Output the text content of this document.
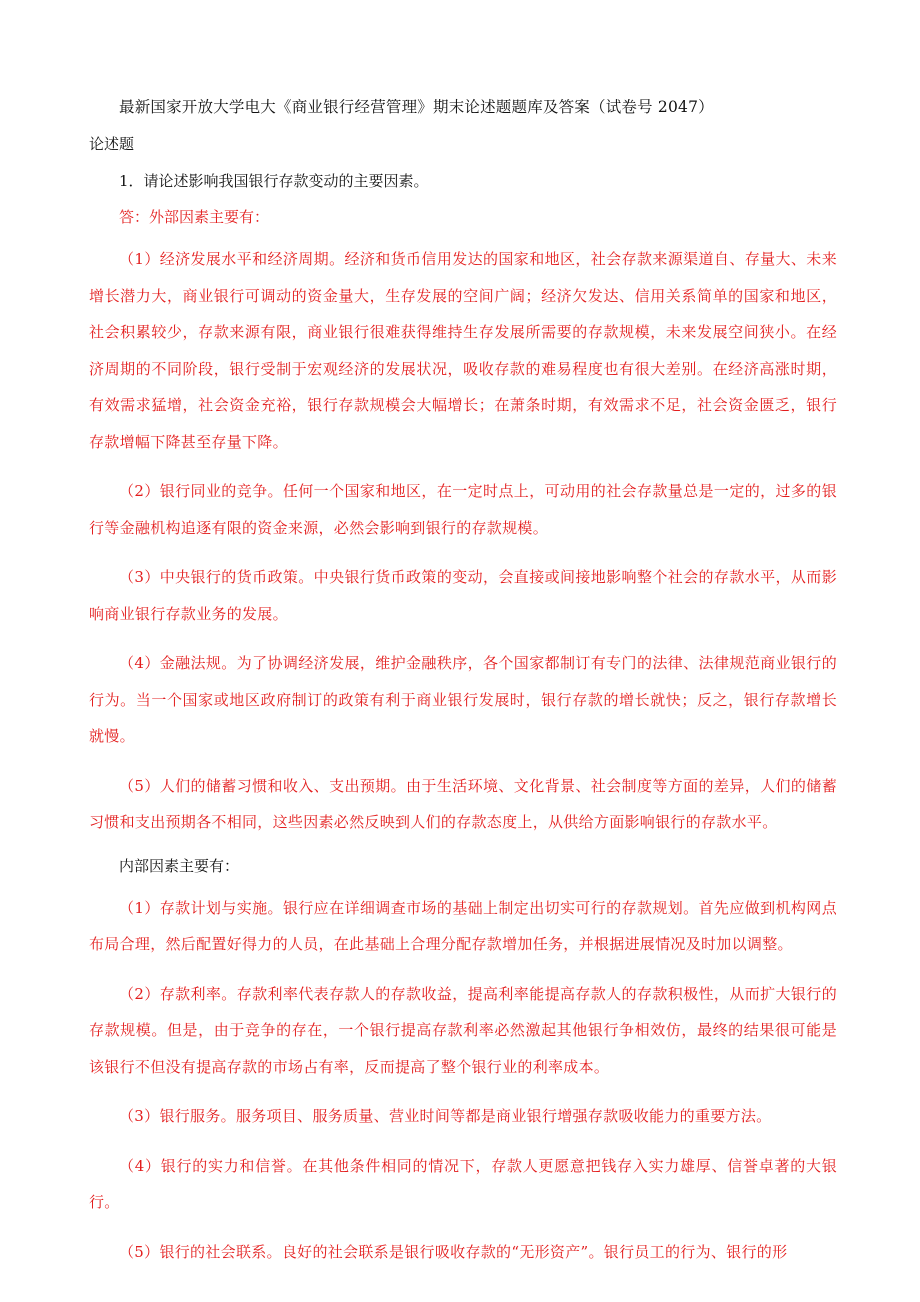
最新国家开放大学电大《商业银行经营管理》期末论述题题库及答案（试卷号 2047）

论述题

1．请论述影响我国银行存款变动的主要因素。

答：外部因素主要有：

（1）经济发展水平和经济周期。经济和货币信用发达的国家和地区，社会存款来源渠道自、存量大、未来增长潜力大，商业银行可调动的资金量大，生存发展的空间广阔；经济欠发达、信用关系简单的国家和地区，社会积累较少，存款来源有限，商业银行很难获得维持生存发展所需要的存款规模，未来发展空间狭小。在经济周期的不同阶段，银行受制于宏观经济的发展状况，吸收存款的难易程度也有很大差别。在经济高涨时期，有效需求猛增，社会资金充裕，银行存款规模会大幅增长；在萧条时期，有效需求不足，社会资金匮乏，银行存款增幅下降甚至存量下降。

（2）银行同业的竞争。任何一个国家和地区，在一定时点上，可动用的社会存款量总是一定的，过多的银行等金融机构追逐有限的资金来源，必然会影响到银行的存款规模。

（3）中央银行的货币政策。中央银行货币政策的变动，会直接或间接地影响整个社会的存款水平，从而影响商业银行存款业务的发展。

（4）金融法规。为了协调经济发展，维护金融秩序，各个国家都制订有专门的法律、法律规范商业银行的行为。当一个国家或地区政府制订的政策有利于商业银行发展时，银行存款的增长就快；反之，银行存款增长就慢。

（5）人们的储蓄习惯和收入、支出预期。由于生活环境、文化背景、社会制度等方面的差异，人们的储蓄习惯和支出预期各不相同，这些因素必然反映到人们的存款态度上，从供给方面影响银行的存款水平。

内部因素主要有：

（1）存款计划与实施。银行应在详细调查市场的基础上制定出切实可行的存款规划。首先应做到机构网点布局合理，然后配置好得力的人员，在此基础上合理分配存款增加任务，并根据进展情况及时加以调整。

（2）存款利率。存款利率代表存款人的存款收益，提高利率能提高存款人的存款积极性，从而扩大银行的存款规模。但是，由于竞争的存在，一个银行提高存款利率必然激起其他银行争相效仿，最终的结果很可能是该银行不但没有提高存款的市场占有率，反而提高了整个银行业的利率成本。

（3）银行服务。服务项目、服务质量、营业时间等都是商业银行增强存款吸收能力的重要方法。

（4）银行的实力和信誉。在其他条件相同的情况下，存款人更愿意把钱存入实力雄厚、信誉卓著的大银行。

（5）银行的社会联系。良好的社会联系是银行吸收存款的“无形资产”。银行员工的行为、银行的形
